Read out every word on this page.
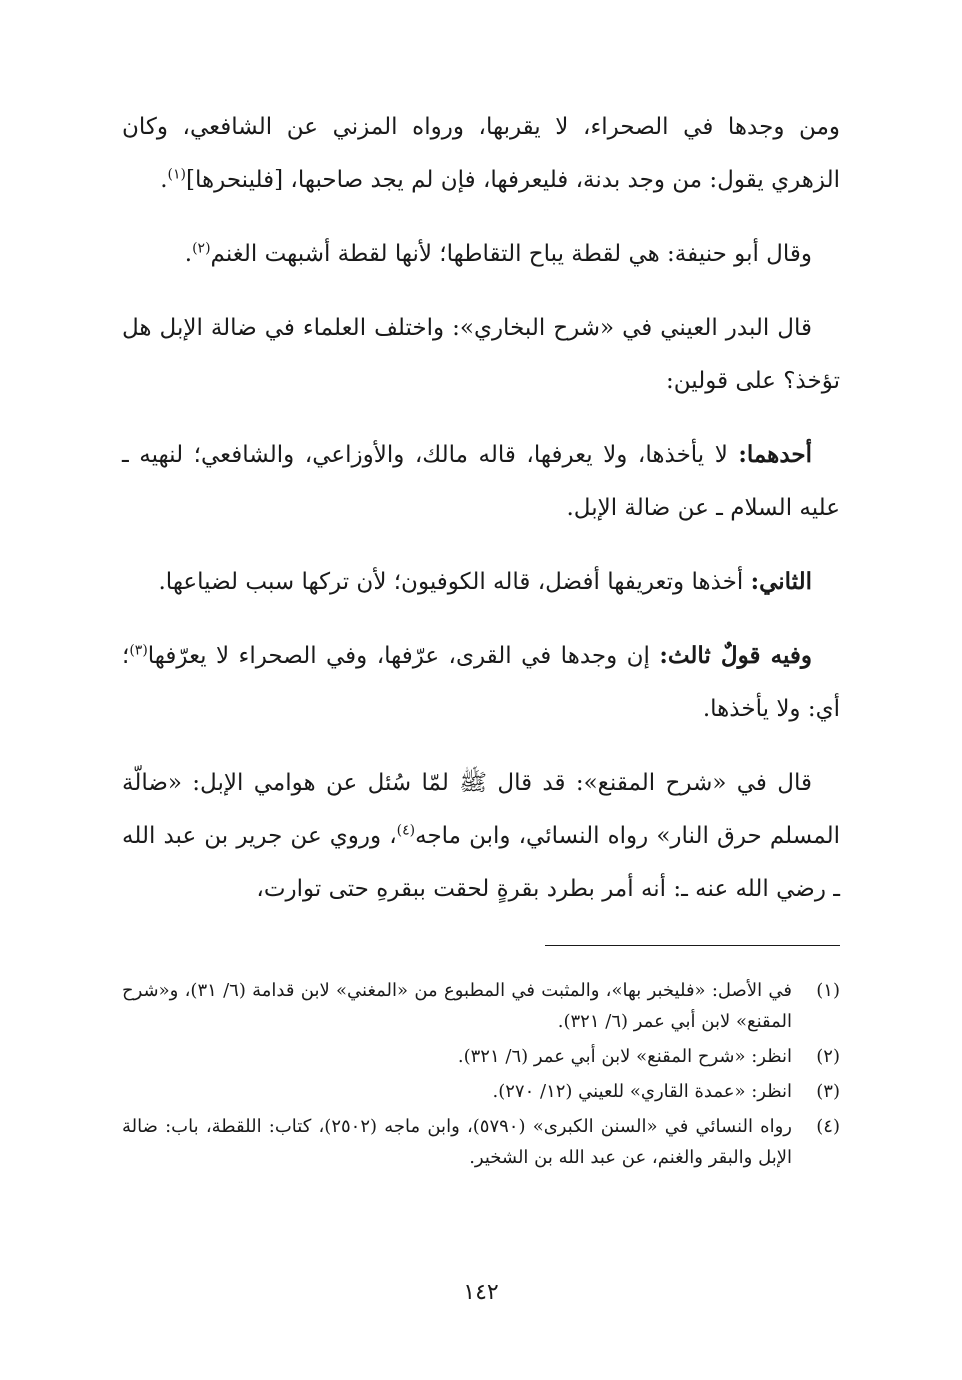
ومن وجدها في الصحراء، لا يقربها، ورواه المزني عن الشافعي، وكان الزهري يقول: من وجد بدنة، فليعرفها، فإن لم يجد صاحبها، [فلينحرها]$^{(١)}$.

وقال أبو حنيفة: هي لقطة يباح التقاطها؛ لأنها لقطة أشبهت الغنم$^{(٢)}$.

قال البدر العيني في «شرح البخاري»: واختلف العلماء في ضالة الإبل هل تؤخذ؟ على قولين:

أحدهما: لا يأخذها، ولا يعرفها، قاله مالك، والأوزاعي، والشافعي؛ لنهيه ـ عليه السلام ـ عن ضالة الإبل.

الثاني: أخذها وتعريفها أفضل، قاله الكوفيون؛ لأن تركها سبب لضياعها.

وفيه قولٌ ثالث: إن وجدها في القرى، عرّفها، وفي الصحراء لا يعرّفها$^{(٣)}$؛ أي: ولا يأخذها.

قال في «شرح المقنع»: قد قال ﷺ لمّا سُئل عن هوامي الإبل: «ضالّة المسلم حرق النار» رواه النسائي، وابن ماجه$^{(٤)}$، وروي عن جرير بن عبد الله ـ رضي الله عنه ـ: أنه أمر بطرد بقرةٍ لحقت ببقرهِ حتى توارت،

(١)
في الأصل: «فليخبر بها»، والمثبت في المطبوع من «المغني» لابن قدامة (٦/ ٣١)، و«شرح المقنع» لابن أبي عمر (٦/ ٣٢١).
(٢)
انظر: «شرح المقنع» لابن أبي عمر (٦/ ٣٢١).
(٣)
انظر: «عمدة القاري» للعيني (١٢/ ٢٧٠).
(٤)
رواه النسائي في «السنن الكبرى» (٥٧٩٠)، وابن ماجه (٢٥٠٢)، كتاب: اللقطة، باب: ضالة الإبل والبقر والغنم، عن عبد الله بن الشخير.
١٤٢
